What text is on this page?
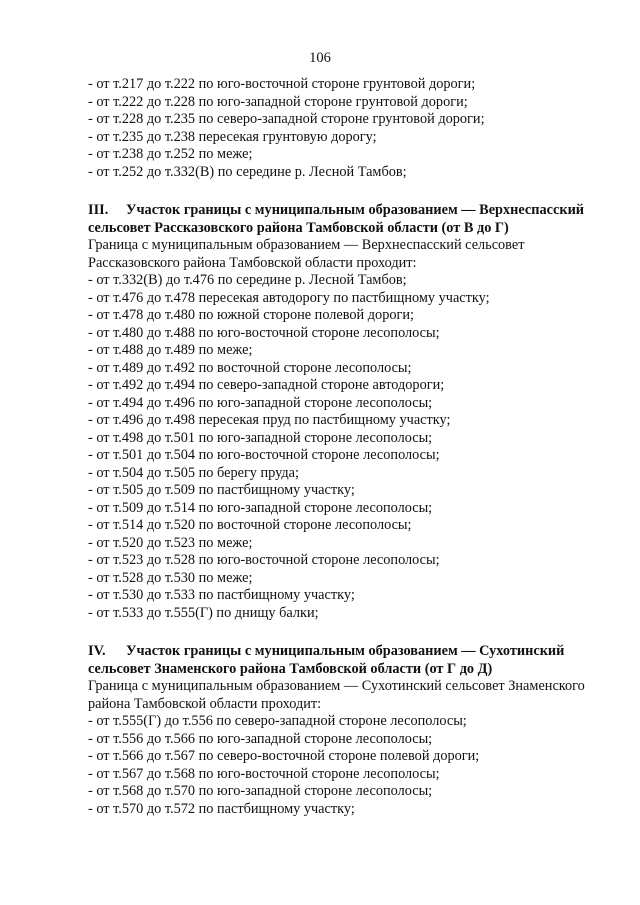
106
- от т.217 до т.222 по юго-восточной стороне грунтовой дороги;
- от т.222 до т.228 по юго-западной стороне грунтовой дороги;
- от т.228 до т.235 по северо-западной стороне грунтовой дороги;
- от т.235 до т.238 пересекая грунтовую дорогу;
- от т.238 до т.252 по меже;
- от т.252 до т.332(В) по середине р. Лесной Тамбов;
III. Участок границы с муниципальным образованием — Верхнеспасский сельсовет Рассказовского района Тамбовской области (от В до Г)
Граница с муниципальным образованием — Верхнеспасский сельсовет Рассказовского района Тамбовской области проходит:
- от т.332(В) до т.476 по середине р. Лесной Тамбов;
- от т.476 до т.478 пересекая автодорогу по пастбищному участку;
- от т.478 до т.480 по южной стороне полевой дороги;
- от т.480 до т.488 по юго-восточной стороне лесополосы;
- от т.488 до т.489 по меже;
- от т.489 до т.492 по восточной стороне лесополосы;
- от т.492 до т.494 по северо-западной стороне автодороги;
- от т.494 до т.496 по юго-западной стороне лесополосы;
- от т.496 до т.498 пересекая пруд по пастбищному участку;
- от т.498 до т.501 по юго-западной стороне лесополосы;
- от т.501 до т.504 по юго-восточной стороне лесополосы;
- от т.504 до т.505 по берегу пруда;
- от т.505 до т.509 по пастбищному участку;
- от т.509 до т.514 по юго-западной стороне лесополосы;
- от т.514 до т.520 по восточной стороне лесополосы;
- от т.520 до т.523 по меже;
- от т.523 до т.528 по юго-восточной стороне лесополосы;
- от т.528 до т.530 по меже;
- от т.530 до т.533 по пастбищному участку;
- от т.533 до т.555(Г) по днищу балки;
IV. Участок границы с муниципальным образованием — Сухотинский сельсовет Знаменского района Тамбовской области (от Г до Д)
Граница с муниципальным образованием — Сухотинский сельсовет Знаменского района Тамбовской области проходит:
- от т.555(Г) до т.556 по северо-западной стороне лесополосы;
- от т.556 до т.566 по юго-западной стороне лесополосы;
- от т.566 до т.567 по северо-восточной стороне полевой дороги;
- от т.567 до т.568 по юго-восточной стороне лесополосы;
- от т.568 до т.570 по юго-западной стороне лесополосы;
- от т.570 до т.572 по пастбищному участку;
